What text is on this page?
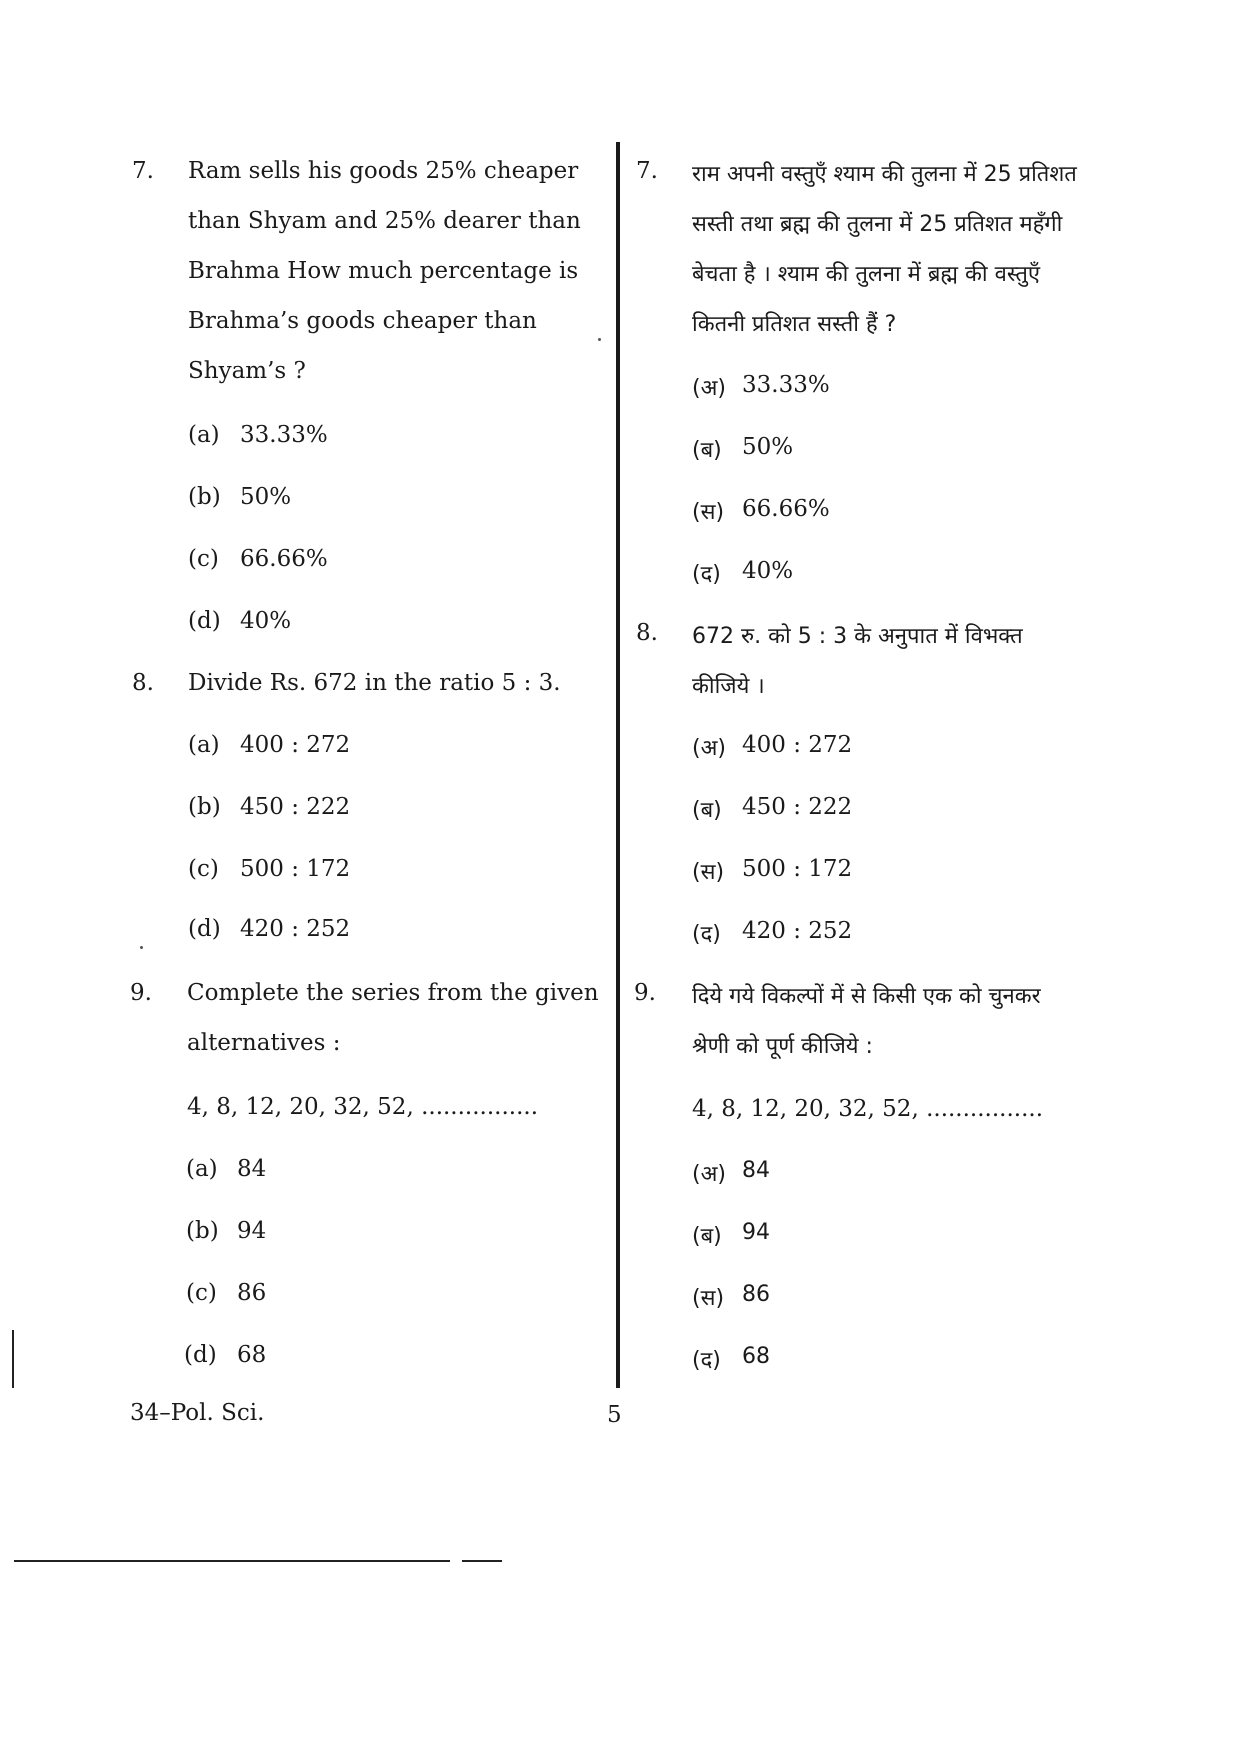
7. Ram sells his goods 25% cheaper
than Shyam and 25% dearer than
Brahma How much percentage is
Brahma’s goods cheaper than
Shyam’s ?
(a) 33.33%
(b) 50%
(c) 66.66%
(d) 40%
8. Divide Rs. 672 in the ratio 5 : 3.
(a) 400 : 272
(b) 450 : 222
(c) 500 : 172
(d) 420 : 252
9. Complete the series from the given
alternatives :
4, 8, 12, 20, 32, 52, ................
(a) 84
(b) 94
(c) 86
(d) 68
7. राम अपनी वस्तुएँ श्याम की तुलना में 25 प्रतिशत
सस्ती तथा ब्रह्म की तुलना में 25 प्रतिशत महँगी
बेचता है । श्याम की तुलना में ब्रह्म की वस्तुएँ
कितनी प्रतिशत सस्ती हैं ?
(अ) 33.33%
(ब) 50%
(स) 66.66%
(द) 40%
8. 672 रु. को 5 : 3 के अनुपात में विभक्त
कीजिये ।
(अ) 400 : 272
(ब) 450 : 222
(स) 500 : 172
(द) 420 : 252
9. दिये गये विकल्पों में से किसी एक को चुनकर
श्रेणी को पूर्ण कीजिये :
4, 8, 12, 20, 32, 52, ................
(अ) 84
(ब) 94
(स) 86
(द) 68
34–Pol. Sci.	5
